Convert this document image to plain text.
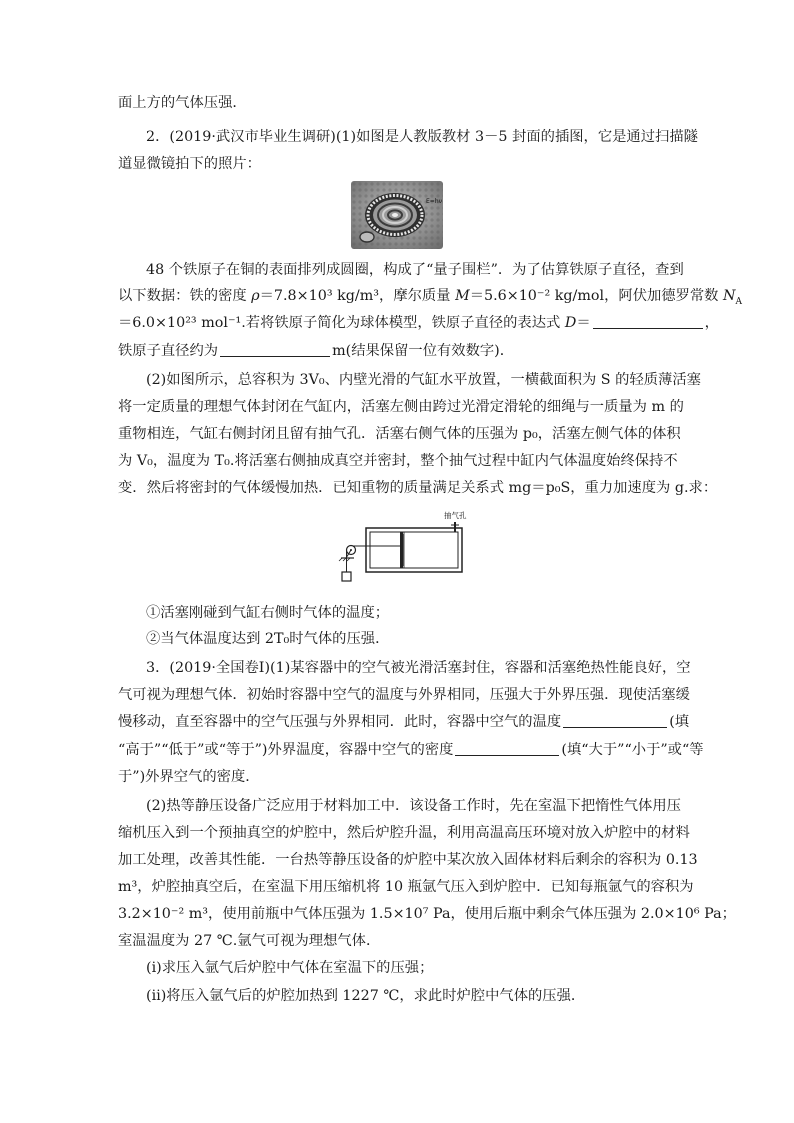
面上方的气体压强．
2．(2019·武汉市毕业生调研)(1)如图是人教版教材 3－5 封面的插图，它是通过扫描隧
道显微镜拍下的照片：
E=hν
48 个铁原子在铜的表面排列成圆圈，构成了“量子围栏”．为了估算铁原子直径，查到
以下数据：铁的密度 ρ＝7.8×10³ kg/m³，摩尔质量 M＝5.6×10⁻² kg/mol，阿伏加德罗常数 $N_A$
＝6.0×10²³ mol⁻¹.若将铁原子简化为球体模型，铁原子直径的表达式 D＝	，
铁原子直径约为	m(结果保留一位有效数字)．
(2)如图所示，总容积为 3V₀、内壁光滑的气缸水平放置，一横截面积为 S 的轻质薄活塞
将一定质量的理想气体封闭在气缸内，活塞左侧由跨过光滑定滑轮的细绳与一质量为 m 的
重物相连，气缸右侧封闭且留有抽气孔．活塞右侧气体的压强为 p₀，活塞左侧气体的体积
为 V₀，温度为 T₀.将活塞右侧抽成真空并密封，整个抽气过程中缸内气体温度始终保持不
变．然后将密封的气体缓慢加热．已知重物的质量满足关系式 mg＝p₀S，重力加速度为 g.求：
抽气孔
①活塞刚碰到气缸右侧时气体的温度；
②当气体温度达到 2T₀时气体的压强．
3．(2019·全国卷Ⅰ)(1)某容器中的空气被光滑活塞封住，容器和活塞绝热性能良好，空
气可视为理想气体．初始时容器中空气的温度与外界相同，压强大于外界压强．现使活塞缓
慢移动，直至容器中的空气压强与外界相同．此时，容器中空气的温度	(填
“高于”“低于”或“等于”)外界温度，容器中空气的密度	(填“大于”“小于”或“等
于”)外界空气的密度．
(2)热等静压设备广泛应用于材料加工中．该设备工作时，先在室温下把惰性气体用压
缩机压入到一个预抽真空的炉腔中，然后炉腔升温，利用高温高压环境对放入炉腔中的材料
加工处理，改善其性能．一台热等静压设备的炉腔中某次放入固体材料后剩余的容积为 0.13
m³，炉腔抽真空后，在室温下用压缩机将 10 瓶氩气压入到炉腔中．已知每瓶氩气的容积为
3.2×10⁻² m³，使用前瓶中气体压强为 1.5×10⁷ Pa，使用后瓶中剩余气体压强为 2.0×10⁶ Pa；
室温温度为 27 ℃.氩气可视为理想气体．
(ⅰ)求压入氩气后炉腔中气体在室温下的压强；
(ⅱ)将压入氩气后的炉腔加热到 1227 ℃，求此时炉腔中气体的压强．
